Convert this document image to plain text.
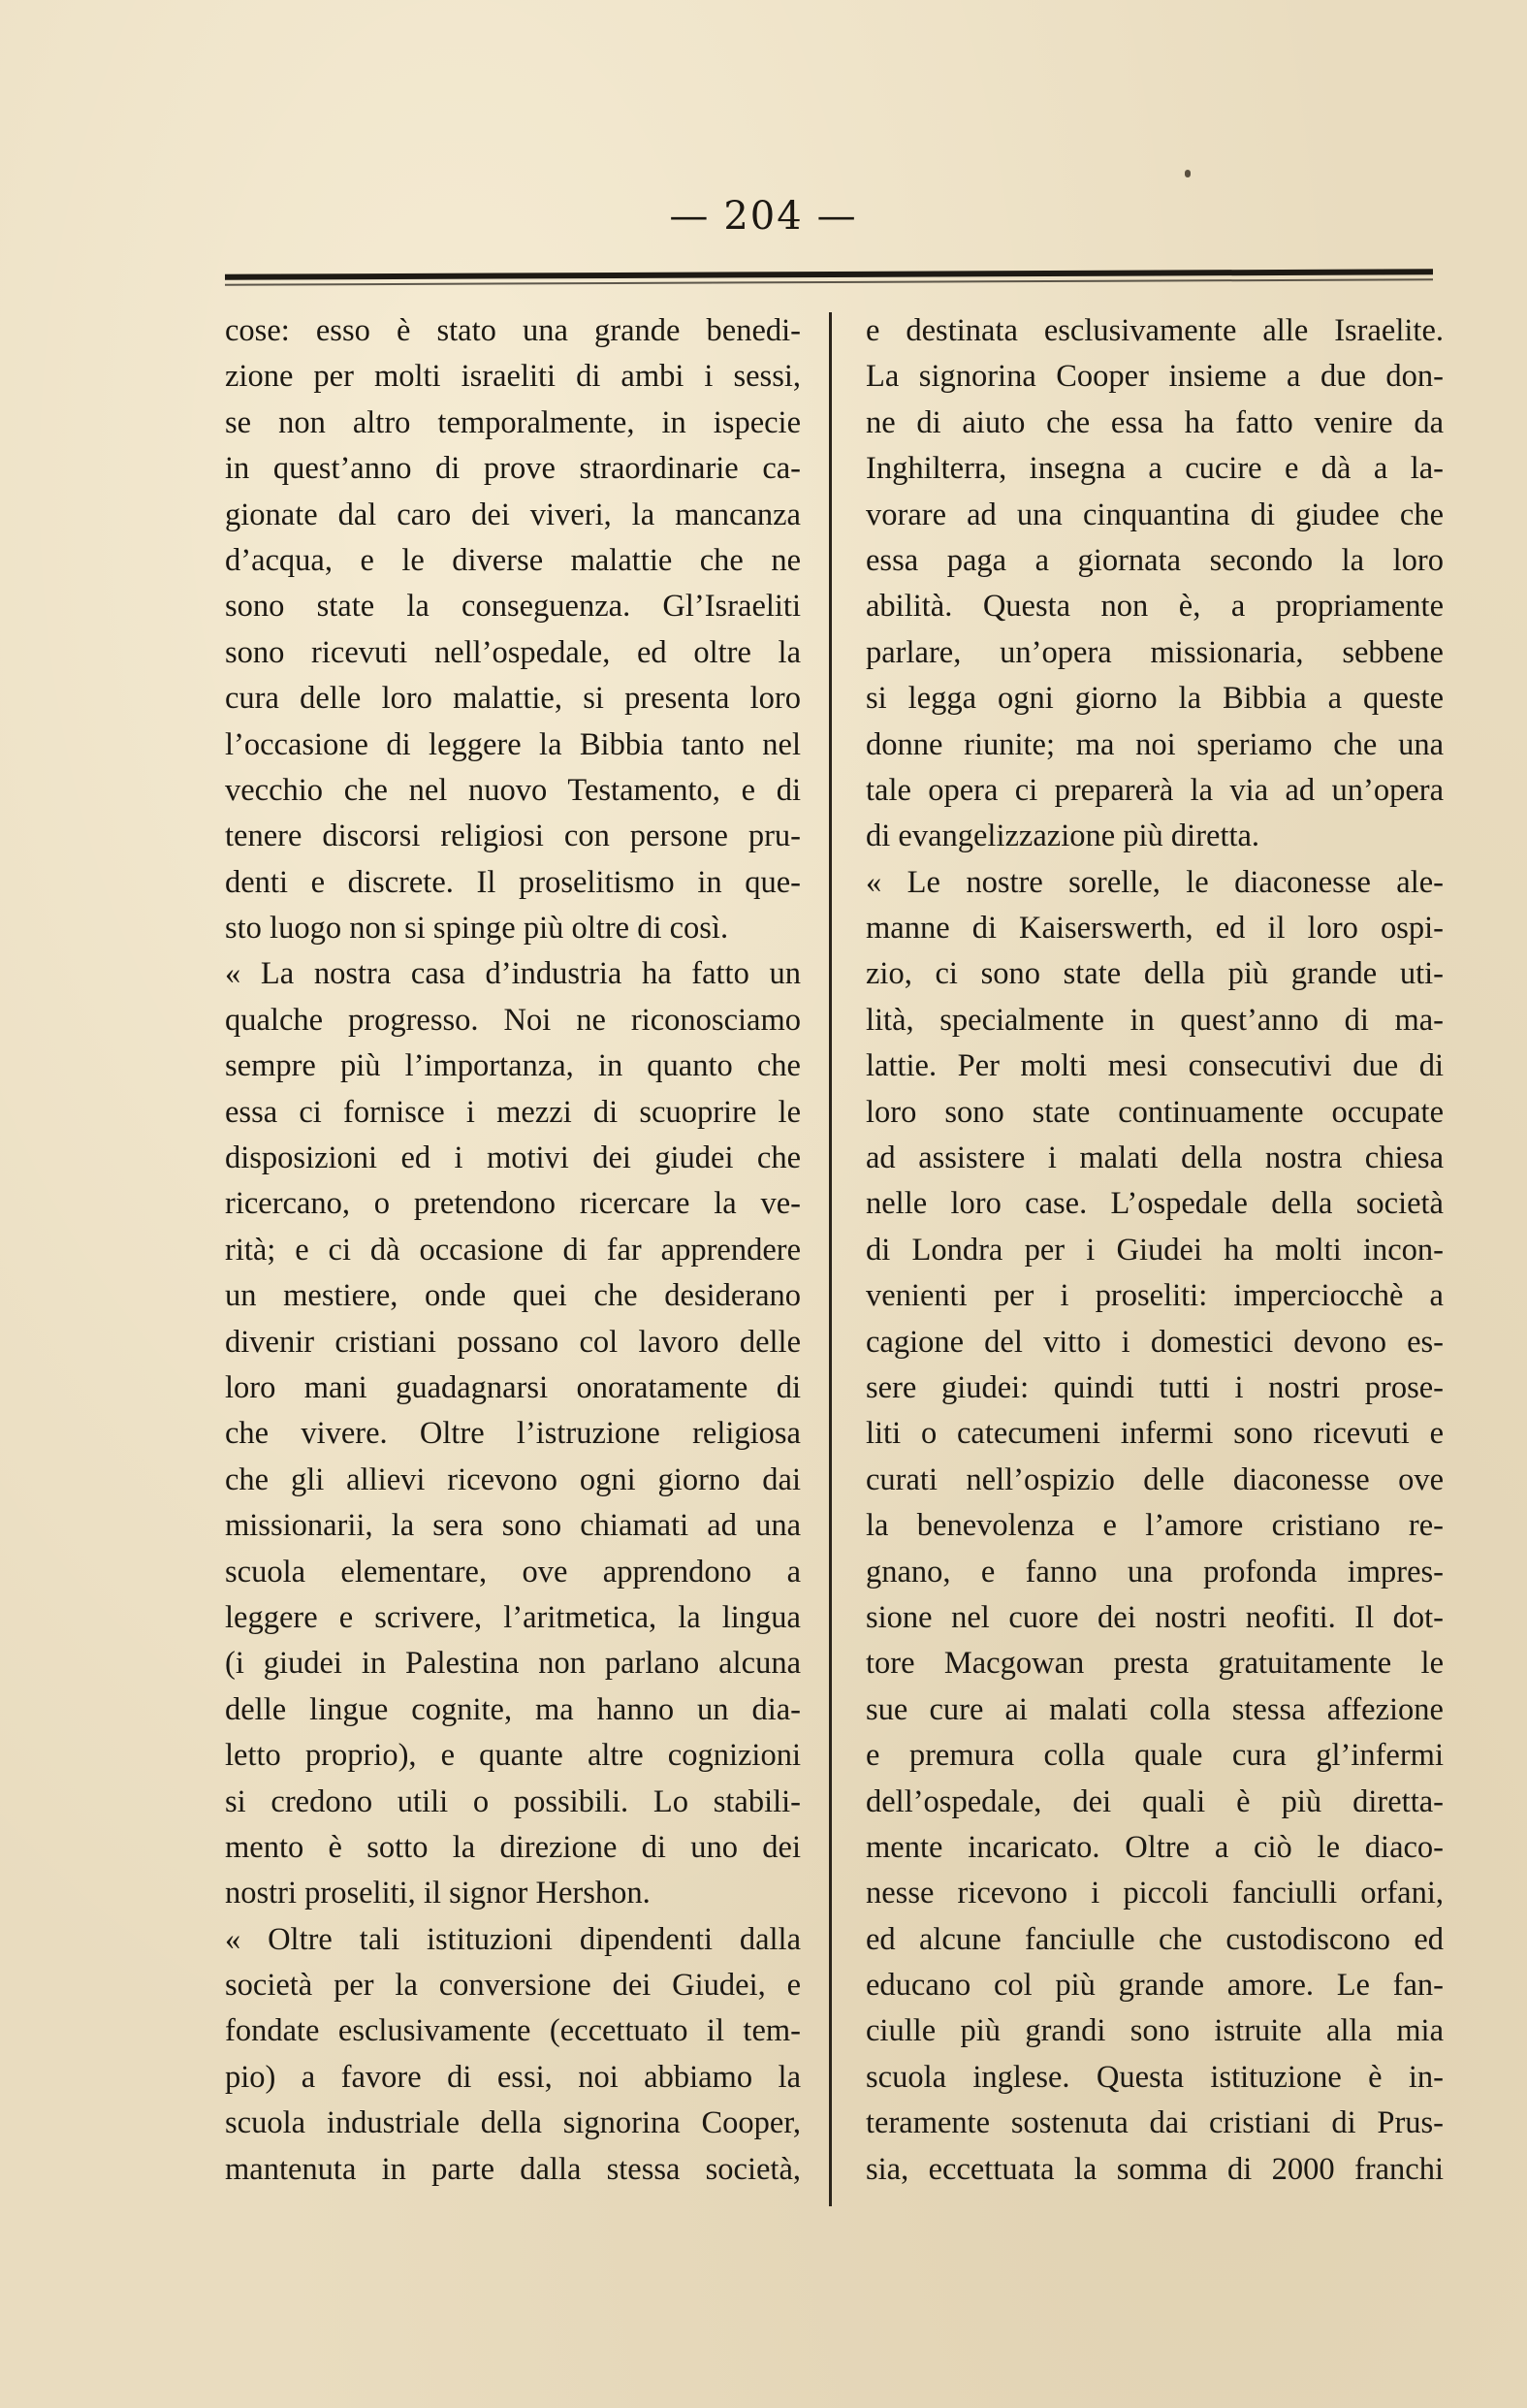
— 204 —
cose: esso è stato una grande benedi-
zione per molti israeliti di ambi i sessi,
se non altro temporalmente, in ispecie
in quest’anno di prove straordinarie ca-
gionate dal caro dei viveri, la mancanza
d’acqua, e le diverse malattie che ne
sono state la conseguenza. Gl’Israeliti
sono ricevuti nell’ospedale, ed oltre la
cura delle loro malattie, si presenta loro
l’occasione di leggere la Bibbia tanto nel
vecchio che nel nuovo Testamento, e di
tenere discorsi religiosi con persone pru-
denti e discrete. Il proselitismo in que-
sto luogo non si spinge più oltre di così.
« La nostra casa d’industria ha fatto un
qualche progresso. Noi ne riconosciamo
sempre più l’importanza, in quanto che
essa ci fornisce i mezzi di scuoprire le
disposizioni ed i motivi dei giudei che
ricercano, o pretendono ricercare la ve-
rità; e ci dà occasione di far apprendere
un mestiere, onde quei che desiderano
divenir cristiani possano col lavoro delle
loro mani guadagnarsi onoratamente di
che vivere. Oltre l’istruzione religiosa
che gli allievi ricevono ogni giorno dai
missionarii, la sera sono chiamati ad una
scuola elementare, ove apprendono a
leggere e scrivere, l’aritmetica, la lingua
(i giudei in Palestina non parlano alcuna
delle lingue cognite, ma hanno un dia-
letto proprio), e quante altre cognizioni
si credono utili o possibili. Lo stabili-
mento è sotto la direzione di uno dei
nostri proseliti, il signor Hershon.
« Oltre tali istituzioni dipendenti dalla
società per la conversione dei Giudei, e
fondate esclusivamente (eccettuato il tem-
pio) a favore di essi, noi abbiamo la
scuola industriale della signorina Cooper,
mantenuta in parte dalla stessa società,
e destinata esclusivamente alle Israelite.
La signorina Cooper insieme a due don-
ne di aiuto che essa ha fatto venire da
Inghilterra, insegna a cucire e dà a la-
vorare ad una cinquantina di giudee che
essa paga a giornata secondo la loro
abilità. Questa non è, a propriamente
parlare, un’opera missionaria, sebbene
si legga ogni giorno la Bibbia a queste
donne riunite; ma noi speriamo che una
tale opera ci preparerà la via ad un’opera
di evangelizzazione più diretta.
« Le nostre sorelle, le diaconesse ale-
manne di Kaiserswerth, ed il loro ospi-
zio, ci sono state della più grande uti-
lità, specialmente in quest’anno di ma-
lattie. Per molti mesi consecutivi due di
loro sono state continuamente occupate
ad assistere i malati della nostra chiesa
nelle loro case. L’ospedale della società
di Londra per i Giudei ha molti incon-
venienti per i proseliti: imperciocchè a
cagione del vitto i domestici devono es-
sere giudei: quindi tutti i nostri prose-
liti o catecumeni infermi sono ricevuti e
curati nell’ospizio delle diaconesse ove
la benevolenza e l’amore cristiano re-
gnano, e fanno una profonda impres-
sione nel cuore dei nostri neofiti. Il dot-
tore Macgowan presta gratuitamente le
sue cure ai malati colla stessa affezione
e premura colla quale cura gl’infermi
dell’ospedale, dei quali è più diretta-
mente incaricato. Oltre a ciò le diaco-
nesse ricevono i piccoli fanciulli orfani,
ed alcune fanciulle che custodiscono ed
educano col più grande amore. Le fan-
ciulle più grandi sono istruite alla mia
scuola inglese. Questa istituzione è in-
teramente sostenuta dai cristiani di Prus-
sia, eccettuata la somma di 2000 franchi
